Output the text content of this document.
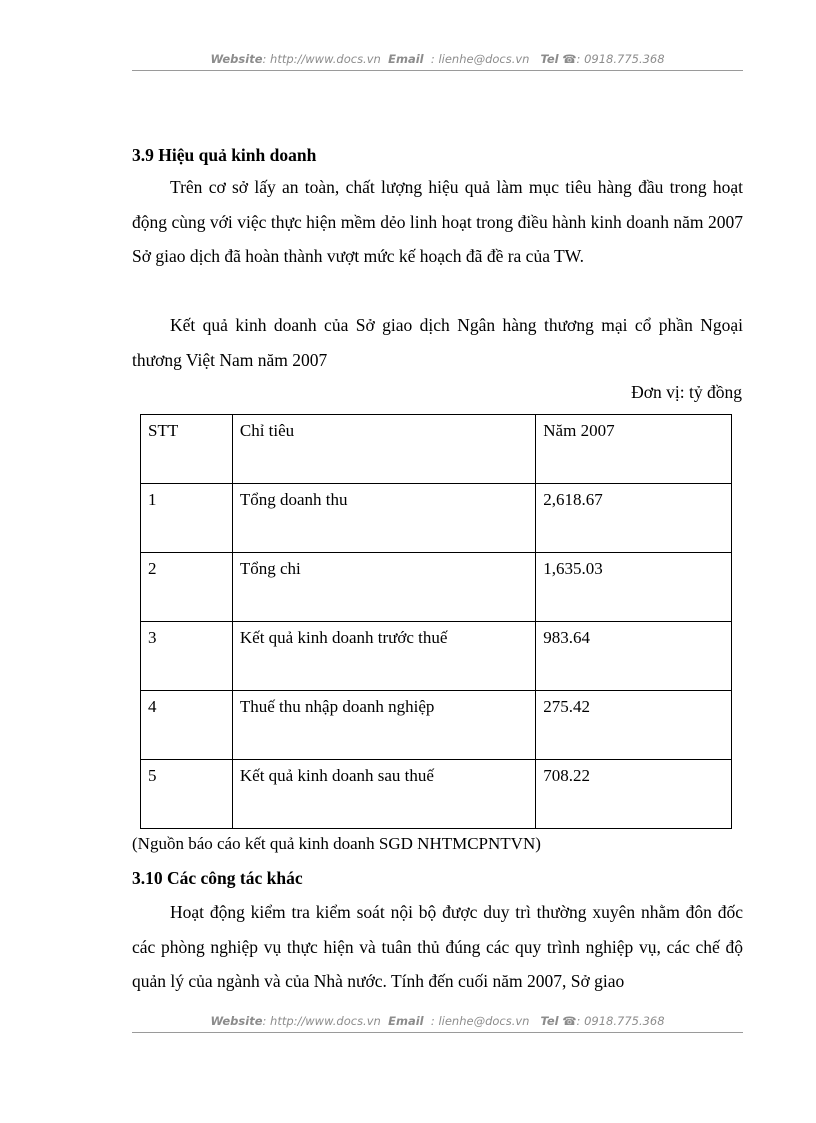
Website: http://www.docs.vn Email : lienhe@docs.vn Tel ☎: 0918.775.368
3.9 Hiệu quả kinh doanh
Trên cơ sở lấy an toàn, chất lượng hiệu quả làm mục tiêu hàng đầu trong hoạt động cùng với việc thực hiện mềm dẻo linh hoạt trong điều hành kinh doanh năm 2007 Sở giao dịch đã hoàn thành vượt mức kế hoạch đã đề ra của TW.
Kết quả kinh doanh của Sở giao dịch Ngân hàng thương mại cổ phần Ngoại thương Việt Nam năm 2007
Đơn vị: tỷ đồng
STT	Chỉ tiêu	Năm 2007
1	Tổng doanh thu	2,618.67
2	Tổng chi	1,635.03
3	Kết quả kinh doanh trước thuế	983.64
4	Thuế thu nhập doanh nghiệp	275.42
5	Kết quả kinh doanh sau thuế	708.22
(Nguồn báo cáo kết quả kinh doanh SGD NHTMCPNTVN)
3.10 Các công tác khác
Hoạt động kiểm tra kiểm soát nội bộ được duy trì thường xuyên nhằm đôn đốc các phòng nghiệp vụ thực hiện và tuân thủ đúng các quy trình nghiệp vụ, các chế độ quản lý của ngành và của Nhà nước. Tính đến cuối năm 2007, Sở giao
Website: http://www.docs.vn Email : lienhe@docs.vn Tel ☎: 0918.775.368
